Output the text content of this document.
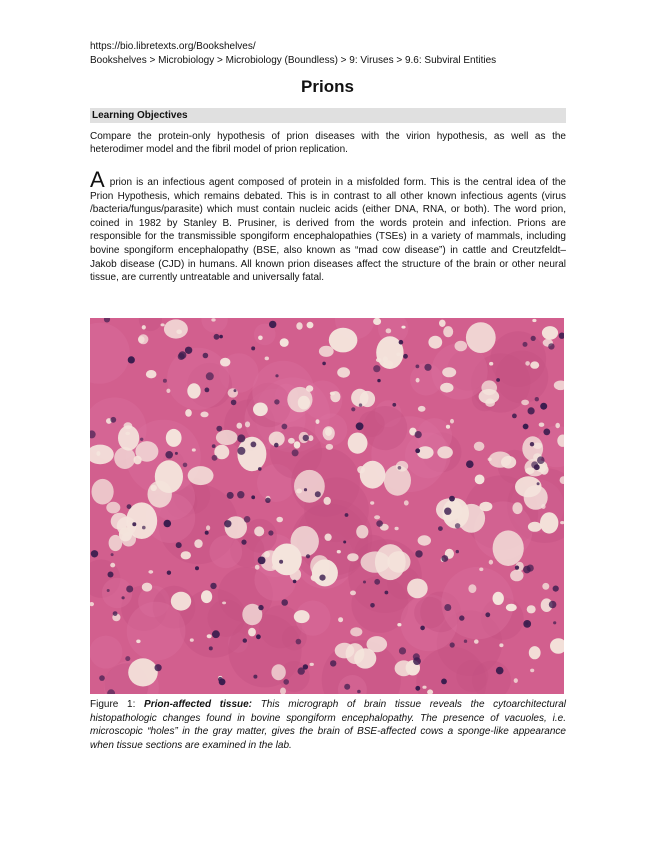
https://bio.libretexts.org/Bookshelves/
Bookshelves > Microbiology > Microbiology (Boundless) > 9: Viruses > 9.6: Subviral Entities
Prions
Learning Objectives
Compare the protein-only hypothesis of prion diseases with the virion hypothesis, as well as the heterodimer model and the fibril model of prion replication.
A prion is an infectious agent composed of protein in a misfolded form. This is the central idea of the Prion Hypothesis, which remains debated. This is in contrast to all other known infectious agents (virus /bacteria/fungus/parasite) which must contain nucleic acids (either DNA, RNA, or both). The word prion, coined in 1982 by Stanley B. Prusiner, is derived from the words protein and infection. Prions are responsible for the transmissible spongiform encephalopathies (TSEs) in a variety of mammals, including bovine spongiform encephalopathy (BSE, also known as “mad cow disease”) in cattle and Creutzfeldt–Jakob disease (CJD) in humans. All known prion diseases affect the structure of the brain or other neural tissue, are currently untreatable and universally fatal.
Figure 1: Prion-affected tissue: This micrograph of brain tissue reveals the cytoarchitectural histopathologic changes found in bovine spongiform encephalopathy. The presence of vacuoles, i.e. microscopic “holes” in the gray matter, gives the brain of BSE-affected cows a sponge-like appearance when tissue sections are examined in the lab.
